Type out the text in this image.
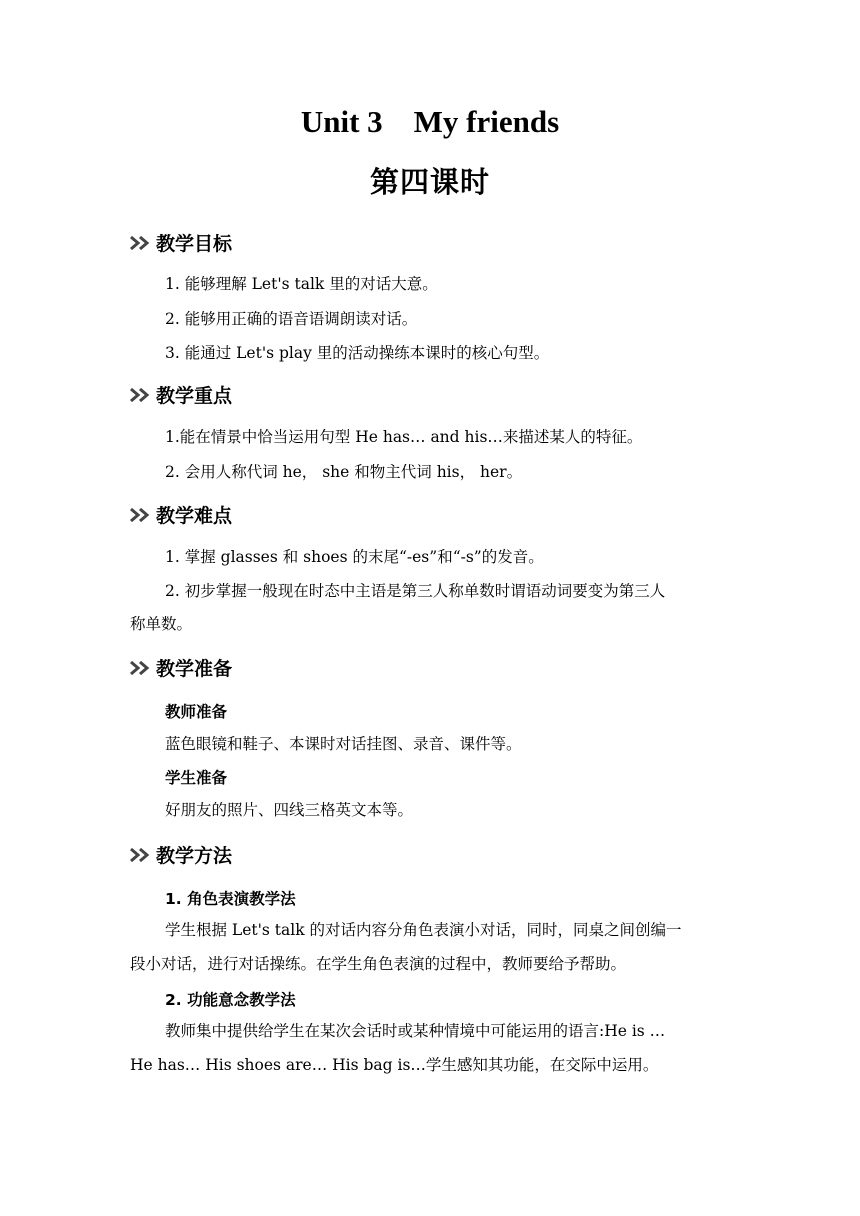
Unit 3    My friends
第四课时
教学目标
1. 能够理解 Let's talk 里的对话大意。
2. 能够用正确的语音语调朗读对话。
3. 能通过 Let's play 里的活动操练本课时的核心句型。
教学重点
1.能在情景中恰当运用句型 He has… and his…来描述某人的特征。
2. 会用人称代词 he， she 和物主代词 his， her。
教学难点
1. 掌握 glasses 和 shoes 的末尾“-es”和“-s”的发音。
2. 初步掌握一般现在时态中主语是第三人称单数时谓语动词要变为第三人
称单数。
教学准备
教师准备
蓝色眼镜和鞋子、本课时对话挂图、录音、课件等。
学生准备
好朋友的照片、四线三格英文本等。
教学方法
1. 角色表演教学法
学生根据 Let's talk 的对话内容分角色表演小对话，同时，同桌之间创编一
段小对话，进行对话操练。在学生角色表演的过程中，教师要给予帮助。
2. 功能意念教学法
教师集中提供给学生在某次会话时或某种情境中可能运用的语言:He is …
He has… His shoes are… His bag is…学生感知其功能，在交际中运用。
